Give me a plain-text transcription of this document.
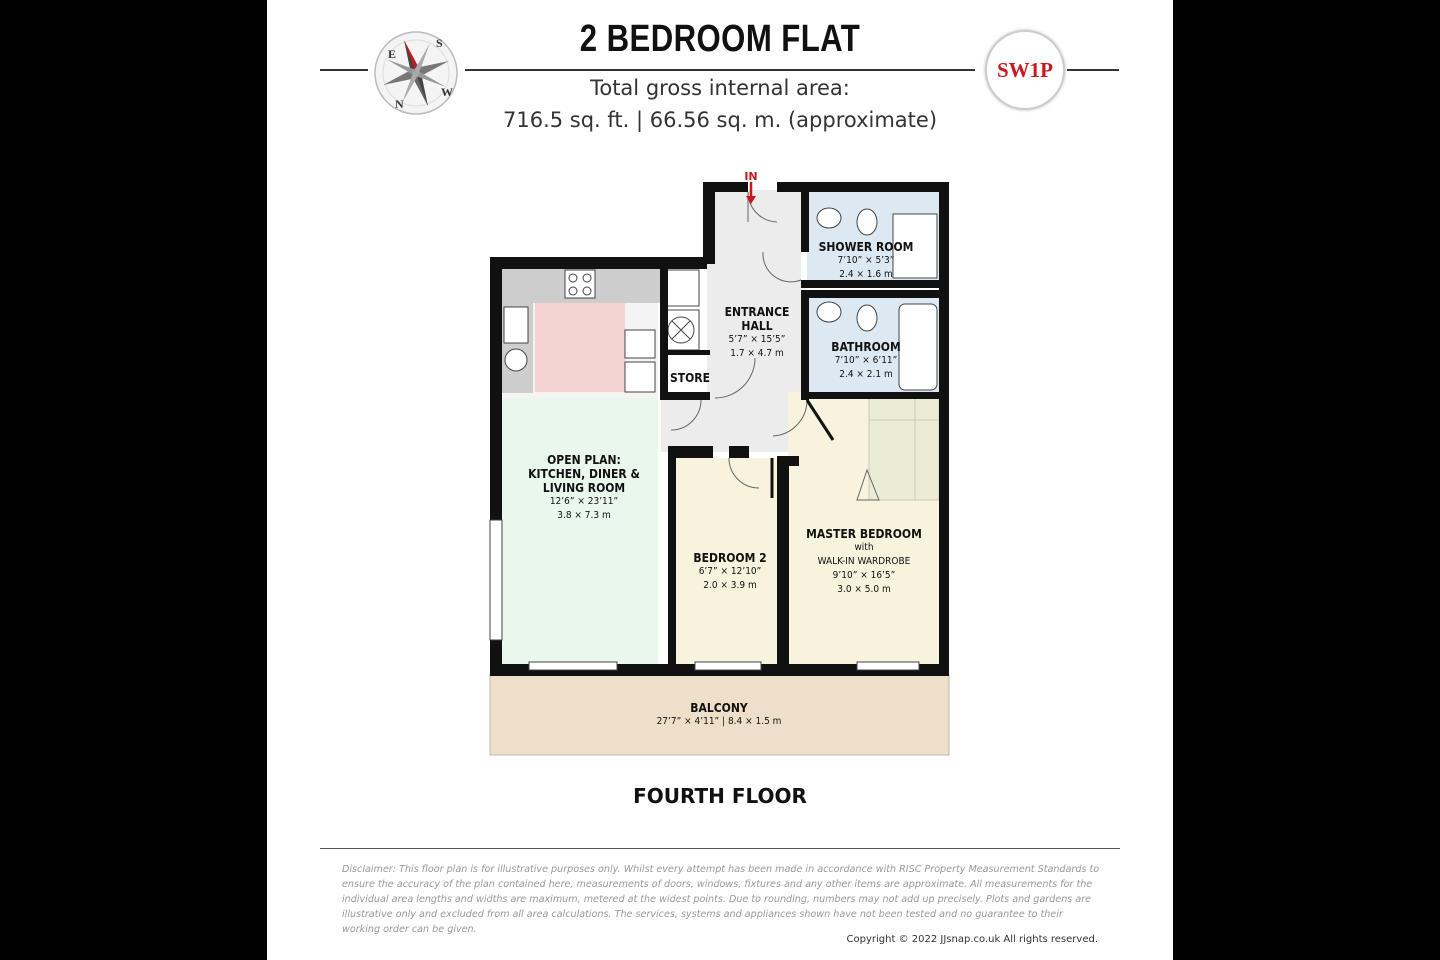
2 BEDROOM FLAT
Total gross internal area:
716.5 sq. ft. | 66.56 sq. m. (approximate)
S
E
N
W
SW1P
IN
SHOWER ROOM
7’10” × 5’3”
2.4 × 1.6 m
ENTRANCE
HALL
5’7” × 15’5”
1.7 × 4.7 m	BATHROOM
7’10” × 6’11”
2.4 × 2.1 m
STORE
OPEN PLAN:
KITCHEN, DINER &
LIVING ROOM
12’6” × 23’11”
3.8 × 7.3 m
BEDROOM 2
6’7” × 12’10”
2.0 × 3.9 m
MASTER BEDROOM
with
WALK-IN WARDROBE
9’10” × 16’5”
3.0 × 5.0 m
BALCONY
27’7” × 4’11” | 8.4 × 1.5 m
FOURTH FLOOR
Disclaimer: This floor plan is for illustrative purposes only. Whilst every attempt has been made in accordance with RISC Property Measurement Standards to ensure the accuracy of the plan contained here, measurements of doors, windows, fixtures and any other items are approximate. All measurements for the individual area lengths and widths are maximum, metered at the widest points. Due to rounding, numbers may not add up precisely. Plots and gardens are illustrative only and excluded from all area calculations. The services, systems and appliances shown have not been tested and no guarantee to their working order can be given.
Copyright © 2022 JJsnap.co.uk All rights reserved.
